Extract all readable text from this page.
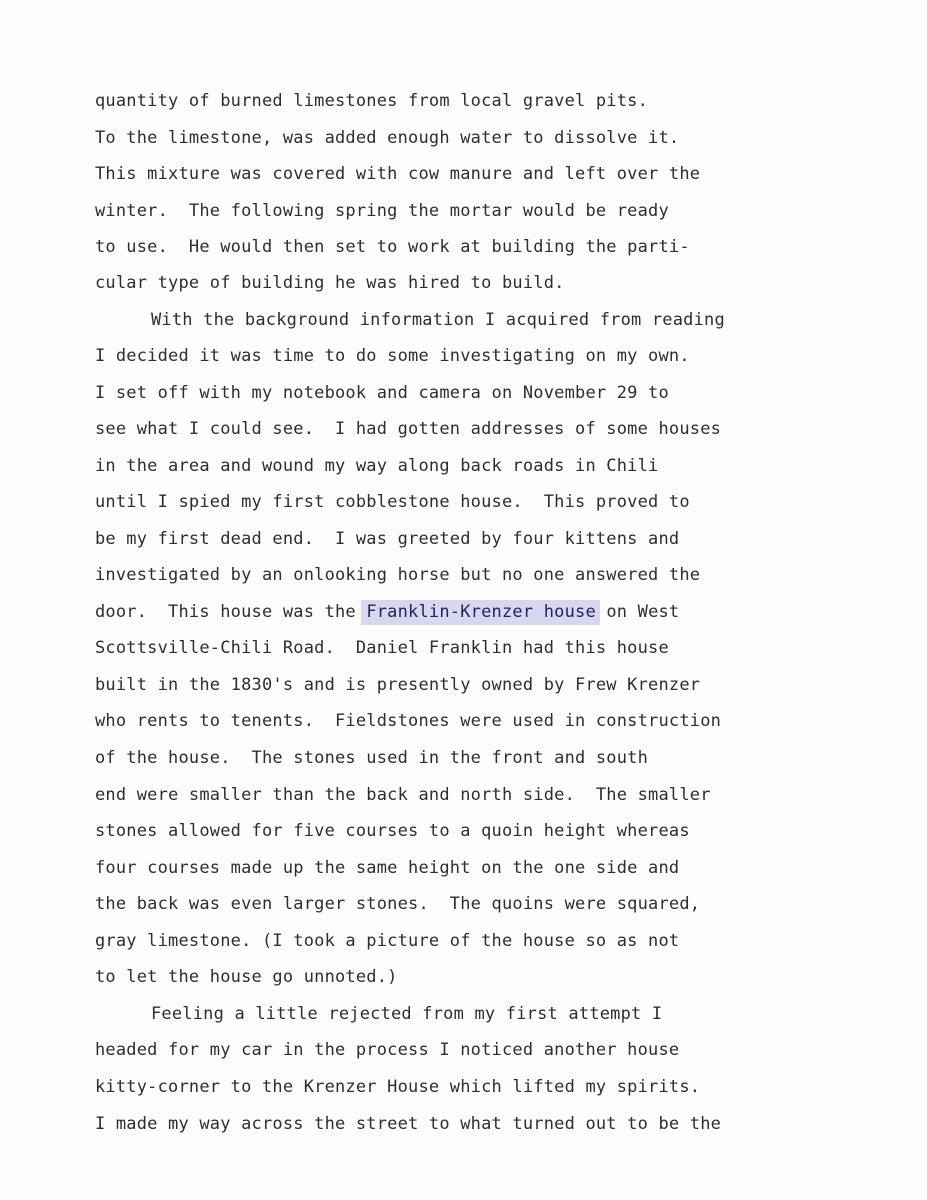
quantity of burned limestones from local gravel pits.
To the limestone, was added enough water to dissolve it.
This mixture was covered with cow manure and left over the
winter.  The following spring the mortar would be ready
to use.  He would then set to work at building the parti-
cular type of building he was hired to build.
With the background information I acquired from reading
I decided it was time to do some investigating on my own.
I set off with my notebook and camera on November 29 to
see what I could see.  I had gotten addresses of some houses
in the area and wound my way along back roads in Chili
until I spied my first cobblestone house.  This proved to
be my first dead end.  I was greeted by four kittens and
investigated by an onlooking horse but no one answered the
door.  This house was the Franklin-Krenzer house on West
Scottsville-Chili Road.  Daniel Franklin had this house
built in the 1830's and is presently owned by Frew Krenzer
who rents to tenents.  Fieldstones were used in construction
of the house.  The stones used in the front and south
end were smaller than the back and north side.  The smaller
stones allowed for five courses to a quoin height whereas
four courses made up the same height on the one side and
the back was even larger stones.  The quoins were squared,
gray limestone. (I took a picture of the house so as not
to let the house go unnoted.)
Feeling a little rejected from my first attempt I
headed for my car in the process I noticed another house
kitty-corner to the Krenzer House which lifted my spirits.
I made my way across the street to what turned out to be the
